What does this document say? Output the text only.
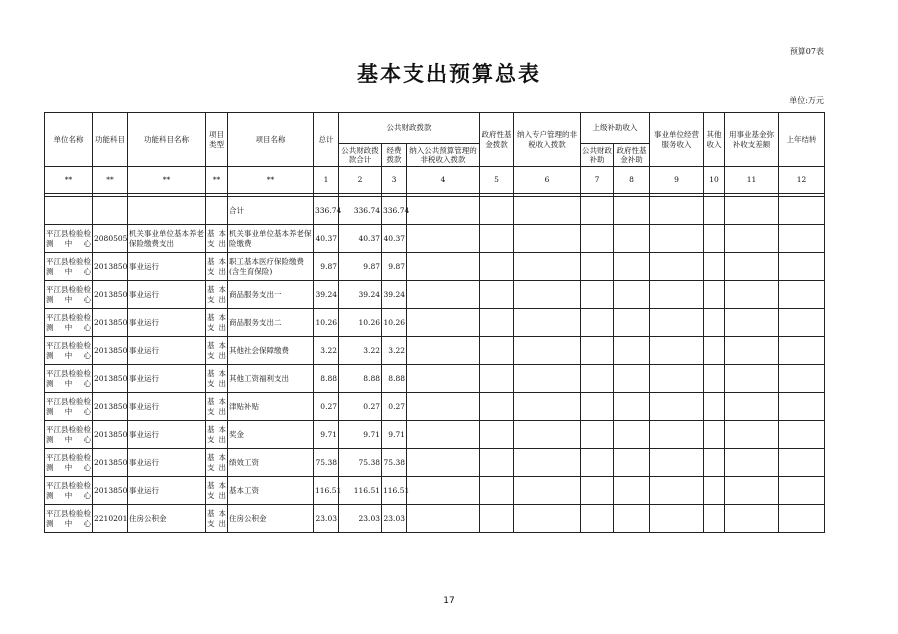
预算07表
基本支出预算总表
单位:万元
单位名称	功能科目	功能科目名称	项目类型	项目名称	总计	公共财政拨款			政府性基金拨款	纳入专户管理的非税收入拨款	上级补助收入		事业单位经营服务收入	其他收入	用事业基金弥补收支差额	上年结转
						公共财政拨款合计	经费拨款	纳入公共预算管理的非税收入拨款								
											公共财政补助	政府性基金补助				
**	**	**	**	**	1	2	3	4	5	6	7	8	9	10	11	12

				合计	336.74	336.74	336.74									
平江县检验检测中心	2080505	机关事业单位基本养老保险缴费支出	基本支出	机关事业单位基本养老保险缴费	40.37	40.37	40.37									
平江县检验检测中心	2013850	事业运行	基本支出	职工基本医疗保险缴费(含生育保险)	9.87	9.87	9.87									
平江县检验检测中心	2013850	事业运行	基本支出	商品服务支出一	39.24	39.24	39.24									
平江县检验检测中心	2013850	事业运行	基本支出	商品服务支出二	10.26	10.26	10.26									
平江县检验检测中心	2013850	事业运行	基本支出	其他社会保障缴费	3.22	3.22	3.22									
平江县检验检测中心	2013850	事业运行	基本支出	其他工资福利支出	8.88	8.88	8.88									
平江县检验检测中心	2013850	事业运行	基本支出	津贴补贴	0.27	0.27	0.27									
平江县检验检测中心	2013850	事业运行	基本支出	奖金	9.71	9.71	9.71									
平江县检验检测中心	2013850	事业运行	基本支出	绩效工资	75.38	75.38	75.38									
平江县检验检测中心	2013850	事业运行	基本支出	基本工资	116.51	116.51	116.51									
平江县检验检测中心	2210201	住房公积金	基本支出	住房公积金	23.03	23.03	23.03									
17
